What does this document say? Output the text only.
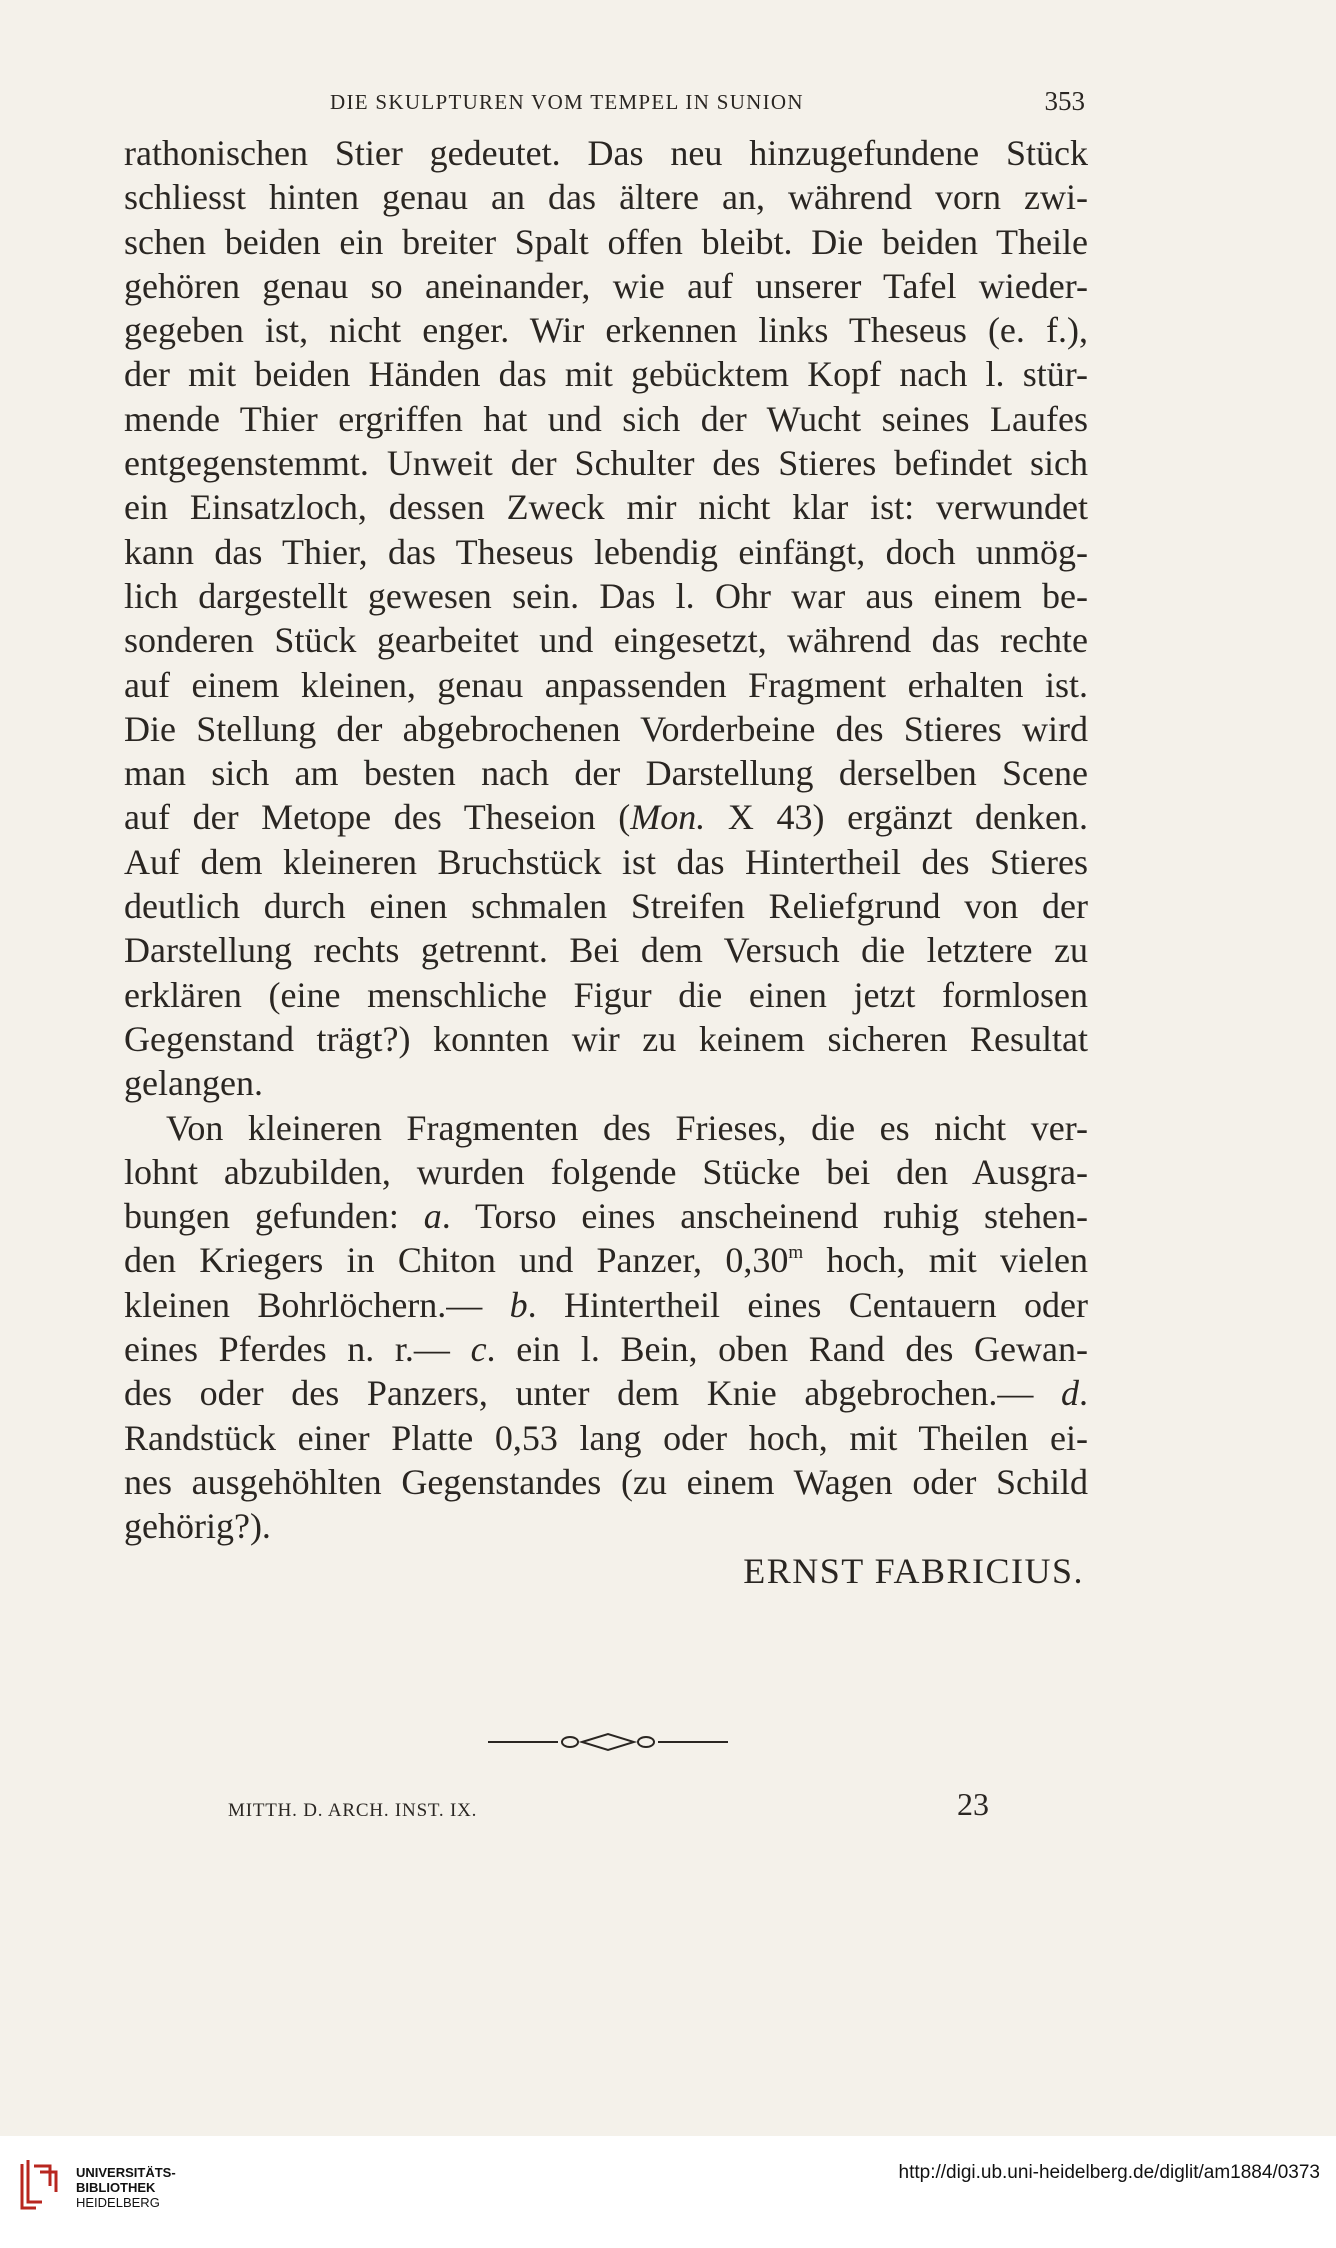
DIE SKULPTUREN VOM TEMPEL IN SUNION	353
rathonischen Stier gedeutet. Das neu hinzugefundene Stück
schliesst hinten genau an das ältere an, während vorn zwi-
schen beiden ein breiter Spalt offen bleibt. Die beiden Theile
gehören genau so aneinander, wie auf unserer Tafel wieder-
gegeben ist, nicht enger. Wir erkennen links Theseus (e. f.),
der mit beiden Händen das mit gebücktem Kopf nach l. stür-
mende Thier ergriffen hat und sich der Wucht seines Laufes
entgegenstemmt. Unweit der Schulter des Stieres befindet sich
ein Einsatzloch, dessen Zweck mir nicht klar ist: verwundet
kann das Thier, das Theseus lebendig einfängt, doch unmög-
lich dargestellt gewesen sein. Das l. Ohr war aus einem be-
sonderen Stück gearbeitet und eingesetzt, während das rechte
auf einem kleinen, genau anpassenden Fragment erhalten ist.
Die Stellung der abgebrochenen Vorderbeine des Stieres wird
man sich am besten nach der Darstellung derselben Scene
auf der Metope des Theseion (Mon. X 43) ergänzt denken.
Auf dem kleineren Bruchstück ist das Hintertheil des Stieres
deutlich durch einen schmalen Streifen Reliefgrund von der
Darstellung rechts getrennt. Bei dem Versuch die letztere zu
erklären (eine menschliche Figur die einen jetzt formlosen
Gegenstand trägt?) konnten wir zu keinem sicheren Resultat
gelangen.
Von kleineren Fragmenten des Frieses, die es nicht ver-
lohnt abzubilden, wurden folgende Stücke bei den Ausgra-
bungen gefunden: a. Torso eines anscheinend ruhig stehen-
den Kriegers in Chiton und Panzer, 0,30$^m$ hoch, mit vielen
kleinen Bohrlöchern.— b. Hintertheil eines Centauern oder
eines Pferdes n. r.— c. ein l. Bein, oben Rand des Gewan-
des oder des Panzers, unter dem Knie abgebrochen.— d.
Randstück einer Platte 0,53 lang oder hoch, mit Theilen ei-
nes ausgehöhlten Gegenstandes (zu einem Wagen oder Schild
gehörig?).
ERNST FABRICIUS.
MITTH. D. ARCH. INST. IX.	23
UNIVERSITÄTS-
BIBLIOTHEK
HEIDELBERG
http://digi.ub.uni-heidelberg.de/diglit/am1884/0373
